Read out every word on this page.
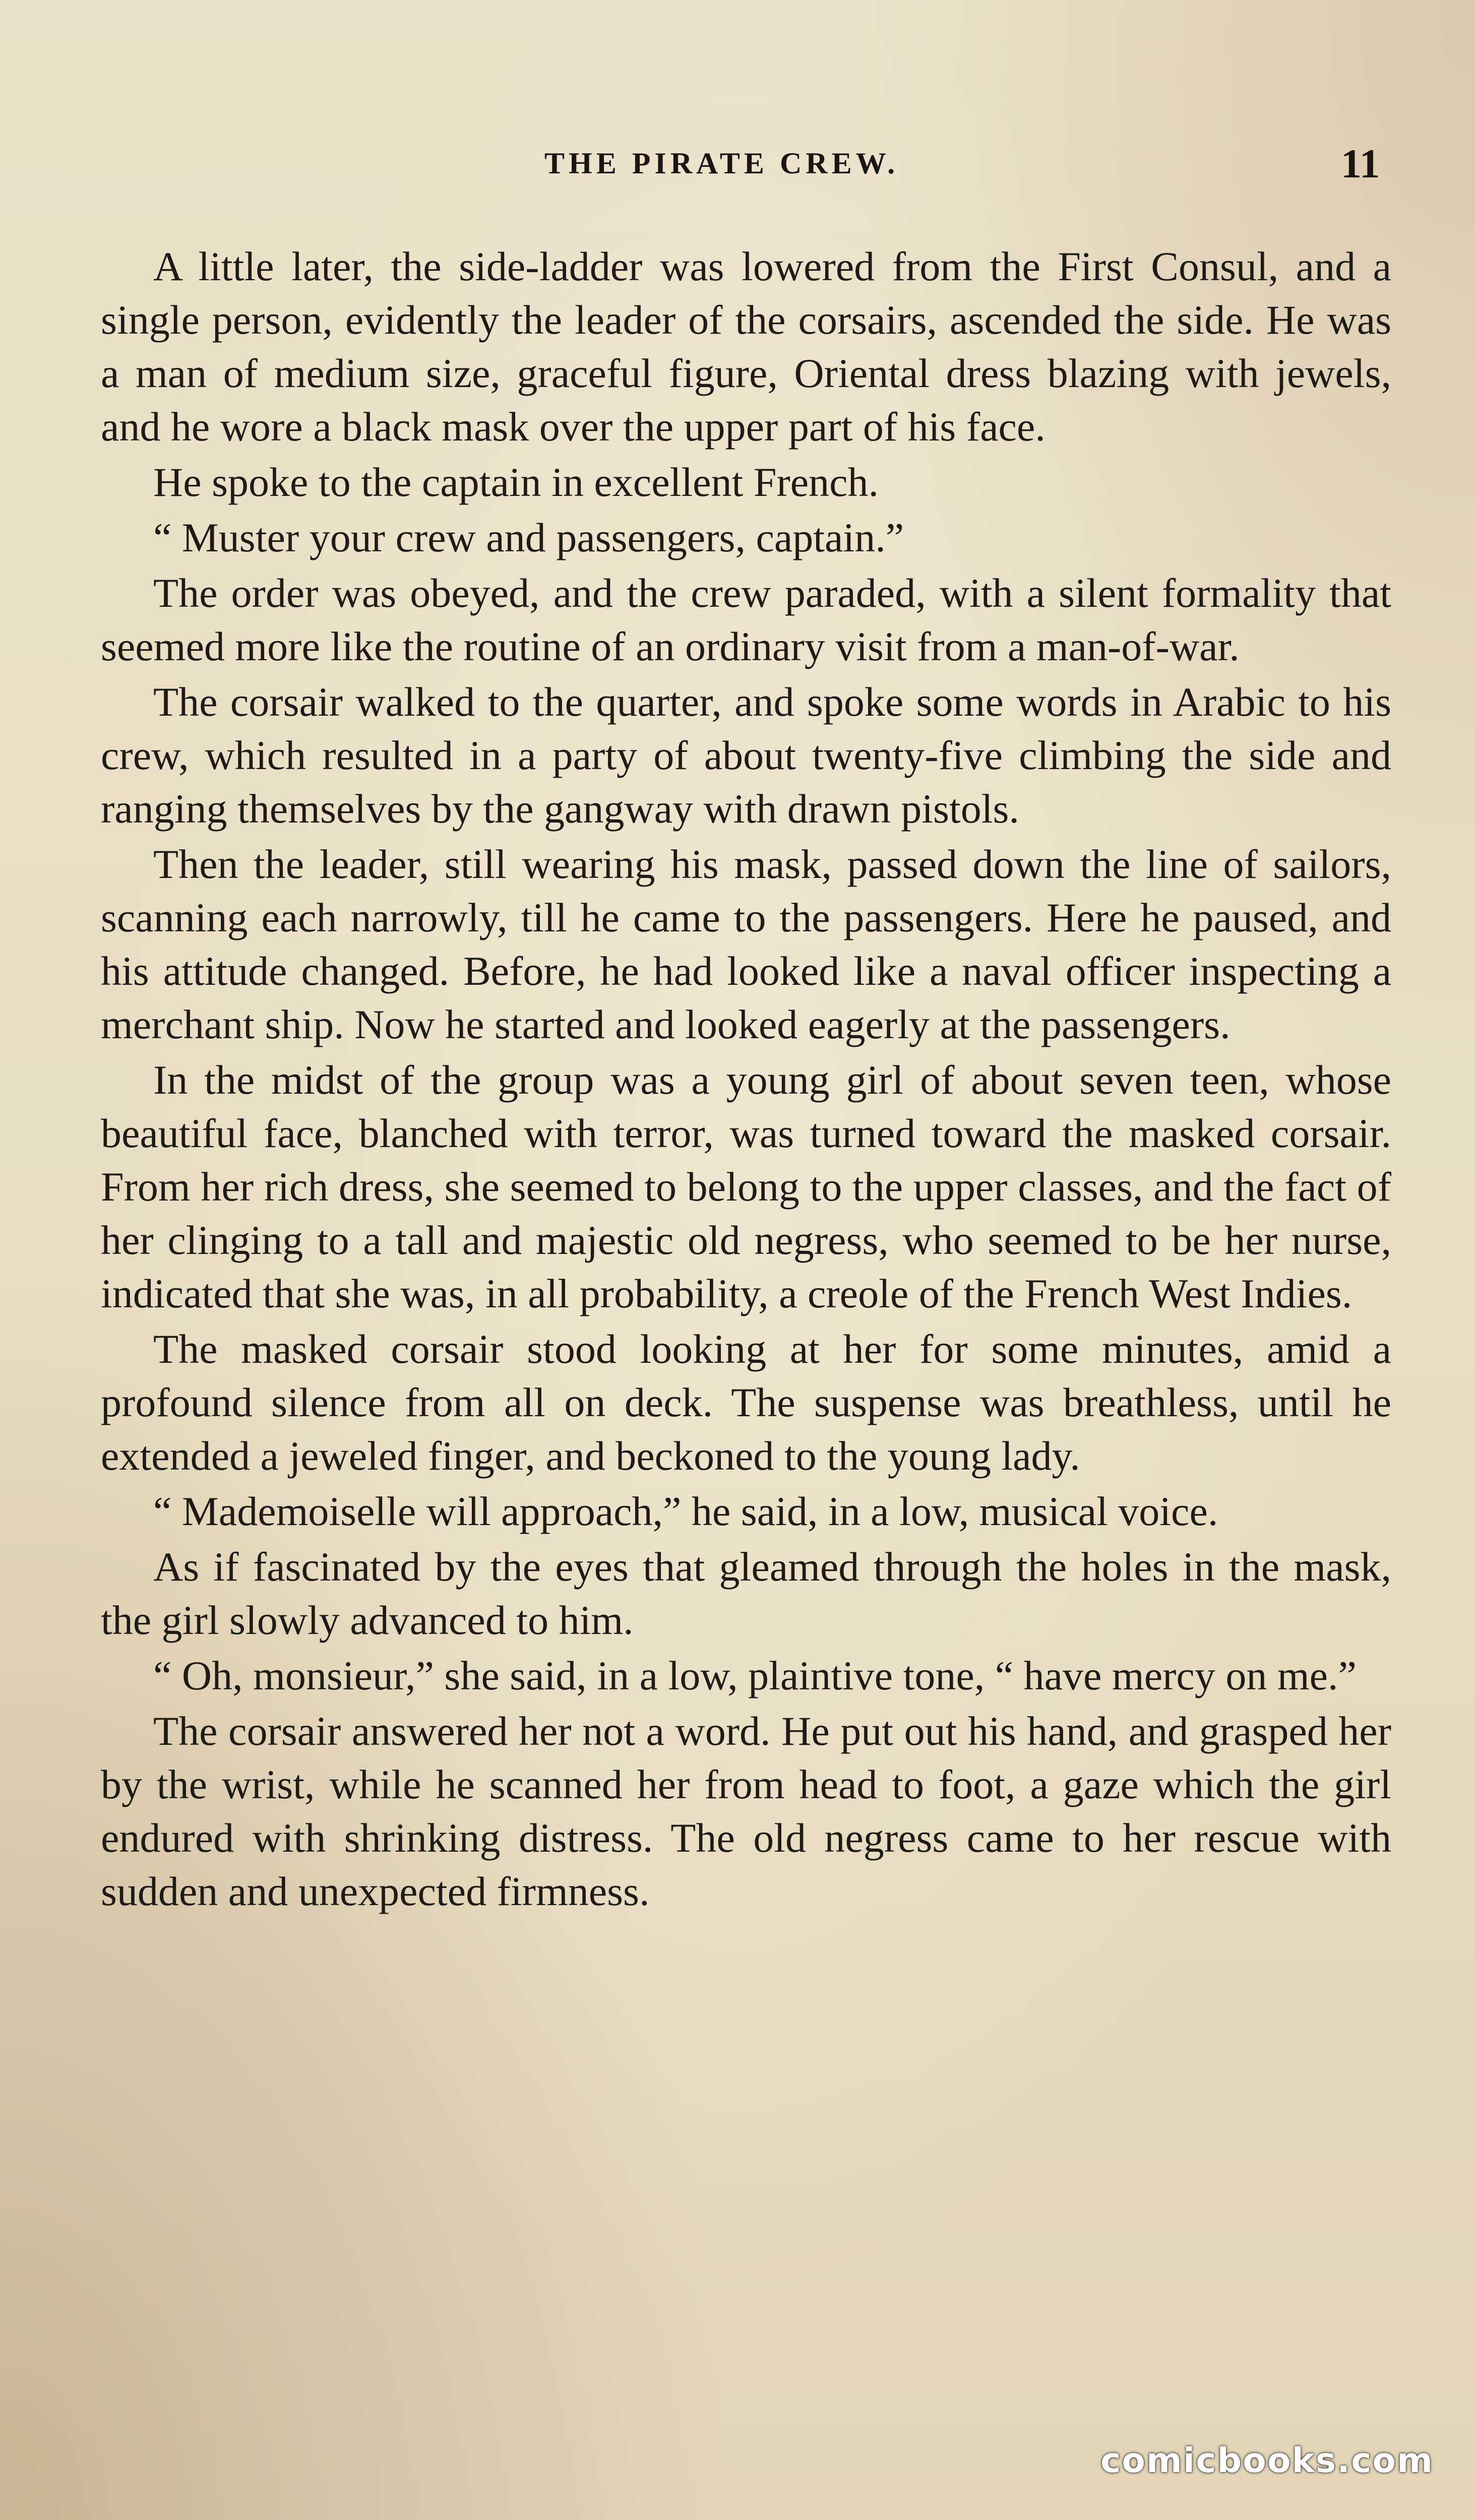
THE PIRATE CREW.	11

A little later, the side-ladder was lowered from the First Consul, and a single person, evidently the leader of the corsairs, ascended the side. He was a man of medium size, graceful figure, Oriental dress blazing with jewels, and he wore a black mask over the upper part of his face.

He spoke to the captain in excellent French.

“ Muster your crew and passengers, captain.”

The order was obeyed, and the crew paraded, with a silent formality that seemed more like the routine of an ordinary visit from a man-of-war.

The corsair walked to the quarter, and spoke some words in Arabic to his crew, which resulted in a party of about twenty-five climbing the side and ranging themselves by the gangway with drawn pistols.

Then the leader, still wearing his mask, passed down the line of sailors, scanning each narrowly, till he came to the passengers. Here he paused, and his attitude changed. Before, he had looked like a naval officer inspecting a merchant ship. Now he started and looked eagerly at the passengers.

In the midst of the group was a young girl of about seven teen, whose beautiful face, blanched with terror, was turned toward the masked corsair. From her rich dress, she seemed to belong to the upper classes, and the fact of her clinging to a tall and majestic old negress, who seemed to be her nurse, indicated that she was, in all probability, a creole of the French West Indies.

The masked corsair stood looking at her for some minutes, amid a profound silence from all on deck. The suspense was breathless, until he extended a jeweled finger, and beckoned to the young lady.

“ Mademoiselle will approach,” he said, in a low, musical voice.

As if fascinated by the eyes that gleamed through the holes in the mask, the girl slowly advanced to him.

“ Oh, monsieur,” she said, in a low, plaintive tone, “ have mercy on me.”

The corsair answered her not a word. He put out his hand, and grasped her by the wrist, while he scanned her from head to foot, a gaze which the girl endured with shrinking distress. The old negress came to her rescue with sudden and unexpected firmness.

comicbooks.com
